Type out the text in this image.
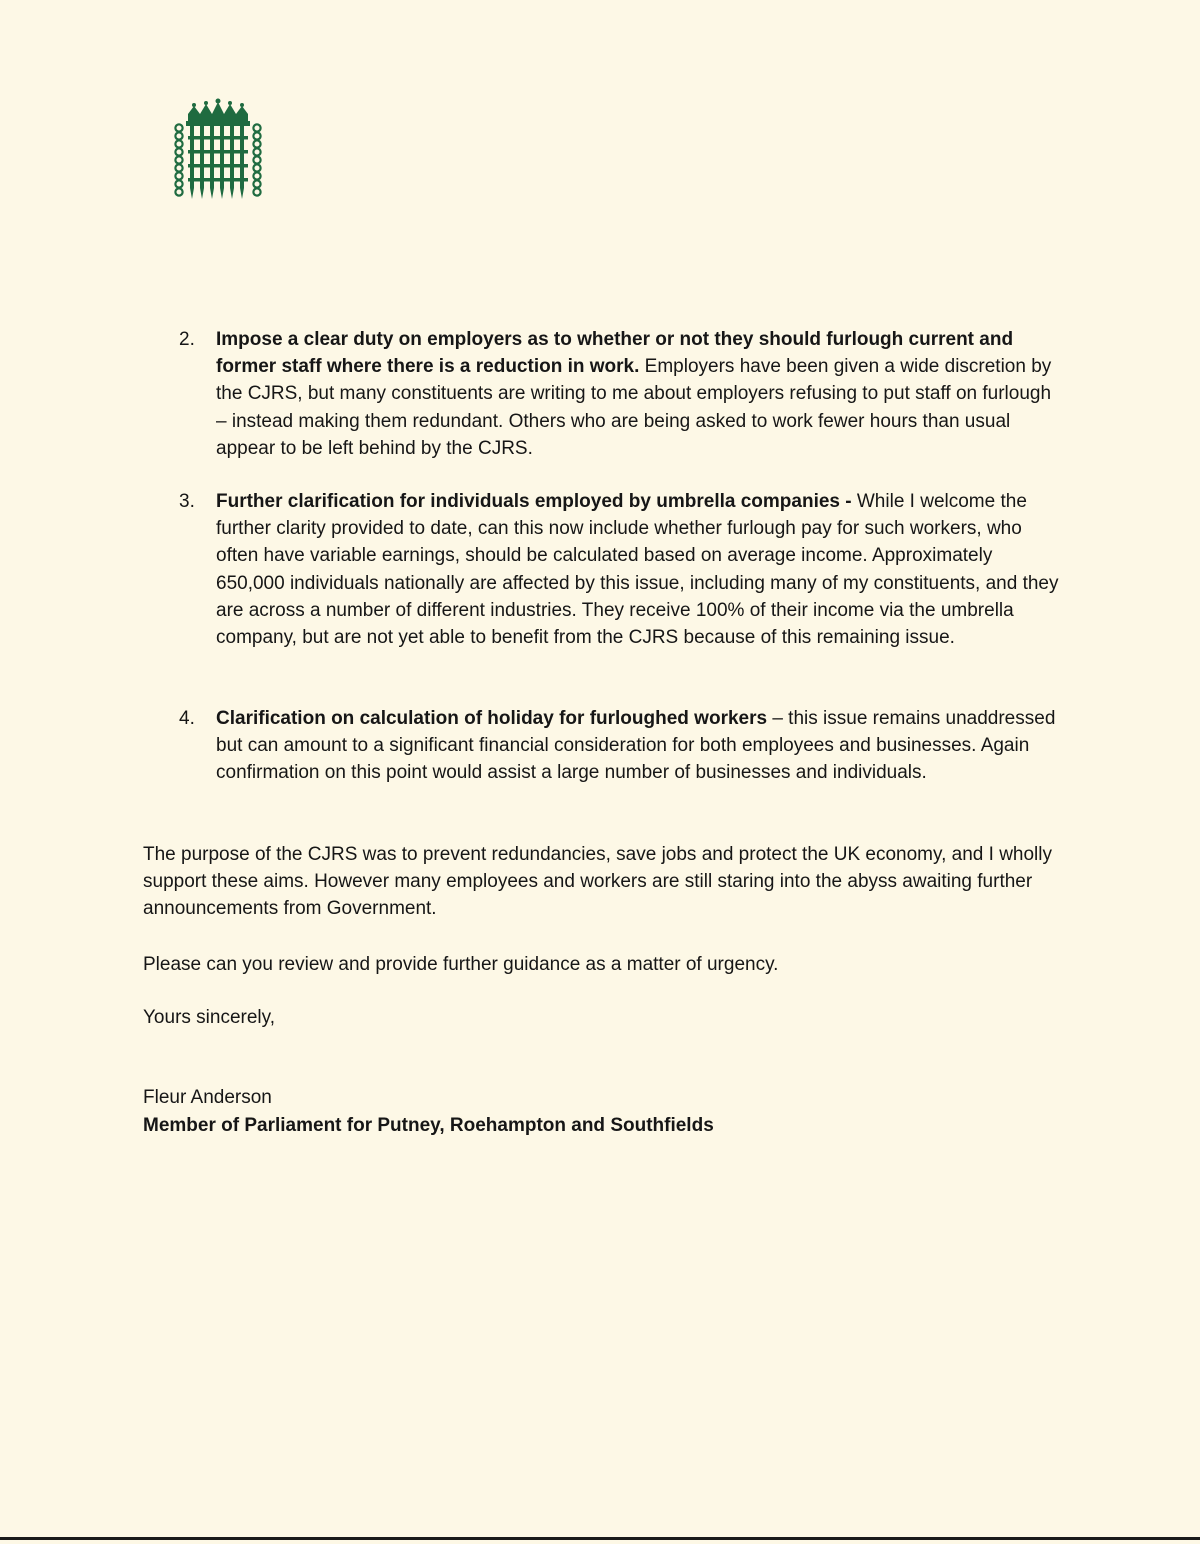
2. Impose a clear duty on employers as to whether or not they should furlough current and former staff where there is a reduction in work. Employers have been given a wide discretion by the CJRS, but many constituents are writing to me about employers refusing to put staff on furlough – instead making them redundant. Others who are being asked to work fewer hours than usual appear to be left behind by the CJRS.
3. Further clarification for individuals employed by umbrella companies - While I welcome the further clarity provided to date, can this now include whether furlough pay for such workers, who often have variable earnings, should be calculated based on average income. Approximately 650,000 individuals nationally are affected by this issue, including many of my constituents, and they are across a number of different industries. They receive 100% of their income via the umbrella company, but are not yet able to benefit from the CJRS because of this remaining issue.
4. Clarification on calculation of holiday for furloughed workers – this issue remains unaddressed but can amount to a significant financial consideration for both employees and businesses. Again confirmation on this point would assist a large number of businesses and individuals.
The purpose of the CJRS was to prevent redundancies, save jobs and protect the UK economy, and I wholly support these aims. However many employees and workers are still staring into the abyss awaiting further announcements from Government.
Please can you review and provide further guidance as a matter of urgency.
Yours sincerely,
Fleur Anderson
Member of Parliament for Putney, Roehampton and Southfields
